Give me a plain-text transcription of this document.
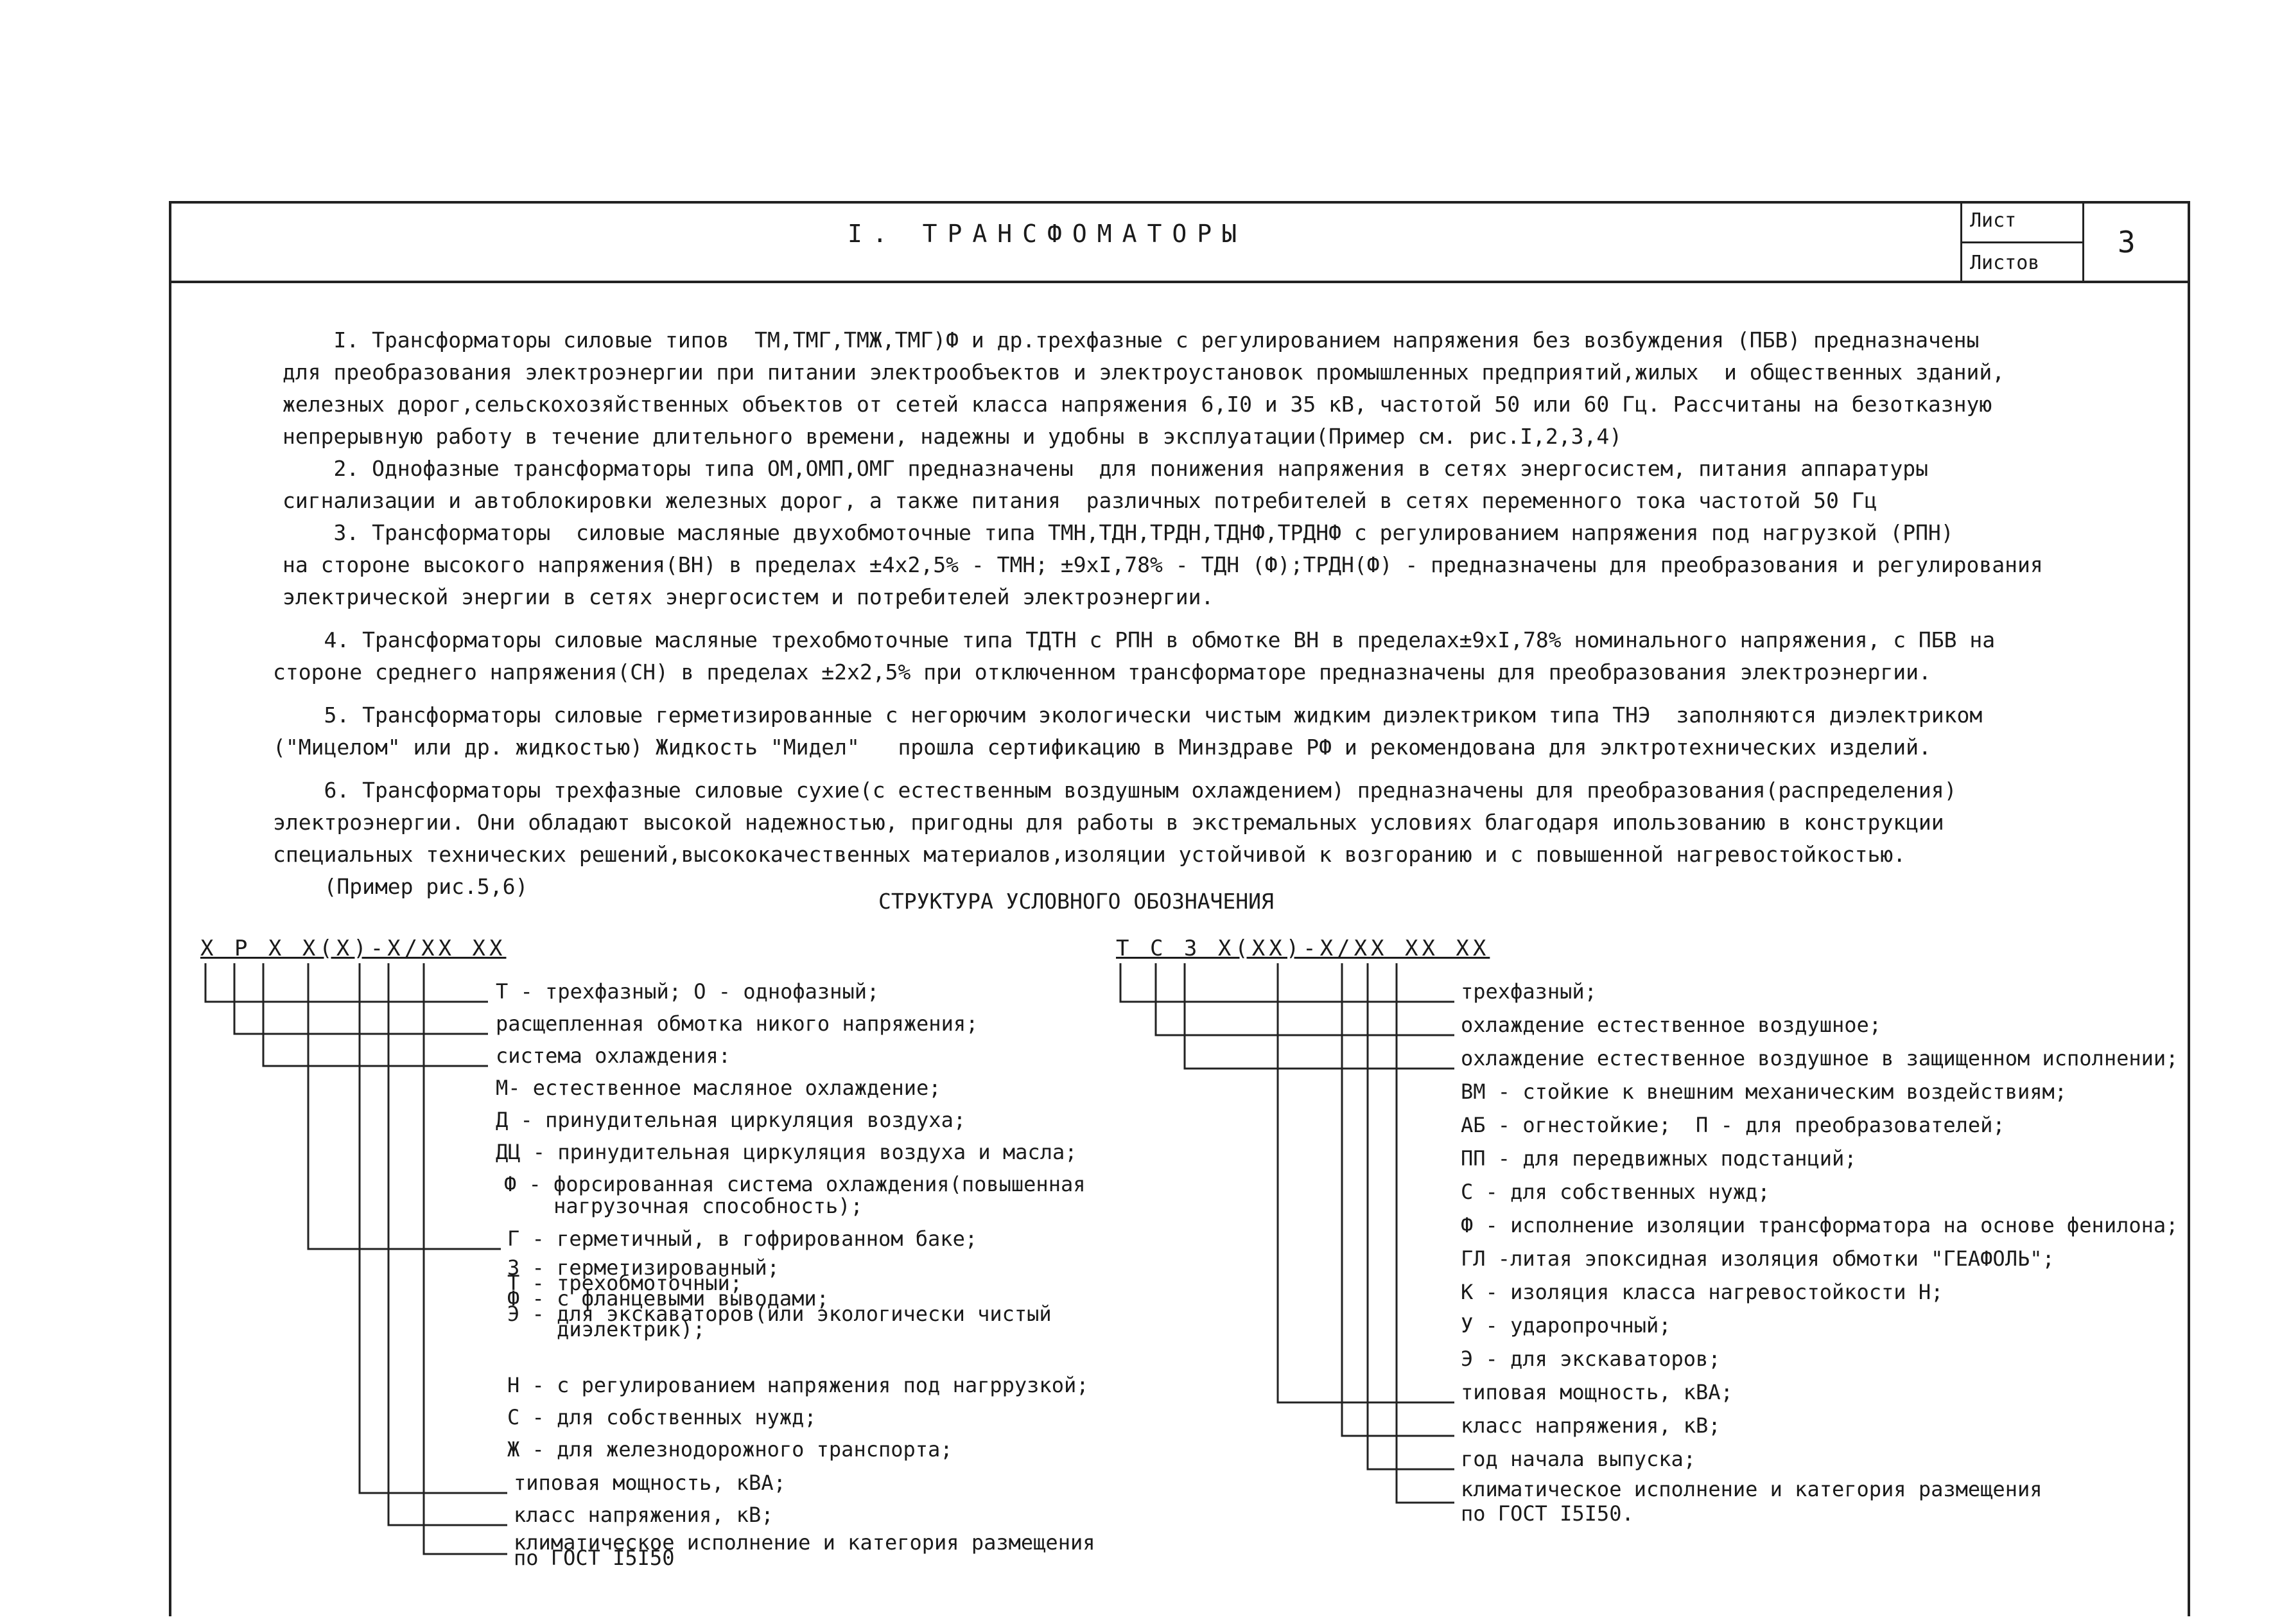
I. ТРАНСФОМАТОРЫ	Лист
Листов
3
I. Трансформаторы силовые типов  ТМ,ТМГ,ТМЖ,ТМГ)Ф и др.трехфазные с регулированием напряжения без возбуждения (ПБВ) предназначены
для преобразования электроэнергии при питании электрообъектов и электроустановок промышленных предприятий,жилых  и общественных зданий,
железных дорог,сельскохозяйственных объектов от сетей класса напряжения 6,I0 и 35 кВ, частотой 50 или 60 Гц. Рассчитаны на безотказную
непрерывную работу в течение длительного времени, надежны и удобны в эксплуатации(Пример см. рис.I,2,3,4)
2. Однофазные трансформаторы типа ОМ,ОМП,ОМГ предназначены  для понижения напряжения в сетях энергосистем, питания аппаратуры
сигнализации и автоблокировки железных дорог, а также питания  различных потребителей в сетях переменного тока частотой 50 Гц
3. Трансформаторы  силовые масляные двухобмоточные типа ТМН,ТДН,ТРДН,ТДНФ,ТРДНФ с регулированием напряжения под нагрузкой (РПН)
на стороне высокого напряжения(ВН) в пределах ±4х2,5% - ТМН; ±9хI,78% - ТДН (Ф);ТРДН(Ф) - предназначены для преобразования и регулирования
электрической энергии в сетях энергосистем и потребителей электроэнергии.
4. Трансформаторы силовые масляные трехобмоточные типа ТДТН с РПН в обмотке ВН в пределах±9хI,78% номинального напряжения, с ПБВ на
стороне среднего напряжения(СН) в пределах ±2х2,5% при отключенном трансформаторе предназначены для преобразования электроэнергии.
5. Трансформаторы силовые герметизированные с негорючим экологически чистым жидким диэлектриком типа ТНЭ  заполняются диэлектриком
("Мицелом" или др. жидкостью) Жидкость "Мидел"   прошла сертификацию в Минздраве РФ и рекомендована для элктротехнических изделий.
6. Трансформаторы трехфазные силовые сухие(с естественным воздушным охлаждением) предназначены для преобразования(распределения)
электроэнергии. Они обладают высокой надежностью, пригодны для работы в экстремальных условиях благодаря ипользованию в конструкции
специальных технических решений,высококачественных материалов,изоляции устойчивой к возгоранию и с повышенной нагревостойкостью.
(Пример рис.5,6)
СТРУКТУРА УСЛОВНОГО ОБОЗНАЧЕНИЯ
Х Р Х Х(Х)-Х/ХХ ХХ
Т - трехфазный; О - однофазный;
расщепленная обмотка никого напряжения;
система охлаждения:
М- естественное масляное охлаждение;
Д - принудительная циркуляция воздуха;
ДЦ - принудительная циркуляция воздуха и масла;
Ф - форсированная система охлаждения(повышенная
нагрузочная способность);
Г - герметичный, в гофрированном баке;
З - герметизированный;
Т - трехобмоточный;
Ф - с фланцевыми выводами;
Э - для экскаваторов(или экологически чистый
диэлектрик);
Н - с регулированием напряжения под нагррузкой;
С - для собственных нужд;
Ж - для железнодорожного транспорта;
типовая мощность, кВА;
класс напряжения, кВ;
климатическое исполнение и категория размещения
по ГОСТ I5I50
Т С З Х(ХХ)-Х/ХХ ХХ ХХ
трехфазный;
охлаждение естественное воздушное;
охлаждение естественное воздушное в защищенном исполнении;
ВМ - стойкие к внешним механическим воздействиям;
АБ - огнестойкие;  П - для преобразователей;
ПП - для передвижных подстанций;
С - для собственных нужд;
Ф - исполнение изоляции трансформатора на основе фенилона;
ГЛ -литая эпоксидная изоляция обмотки "ГЕАФОЛЬ";
К - изоляция класса нагревостойкости Н;
У - ударопрочный;
Э - для экскаваторов;
типовая мощность, кВА;
класс напряжения, кВ;
год начала выпуска;
климатическое исполнение и категория размещения
по ГОСТ I5I50.
